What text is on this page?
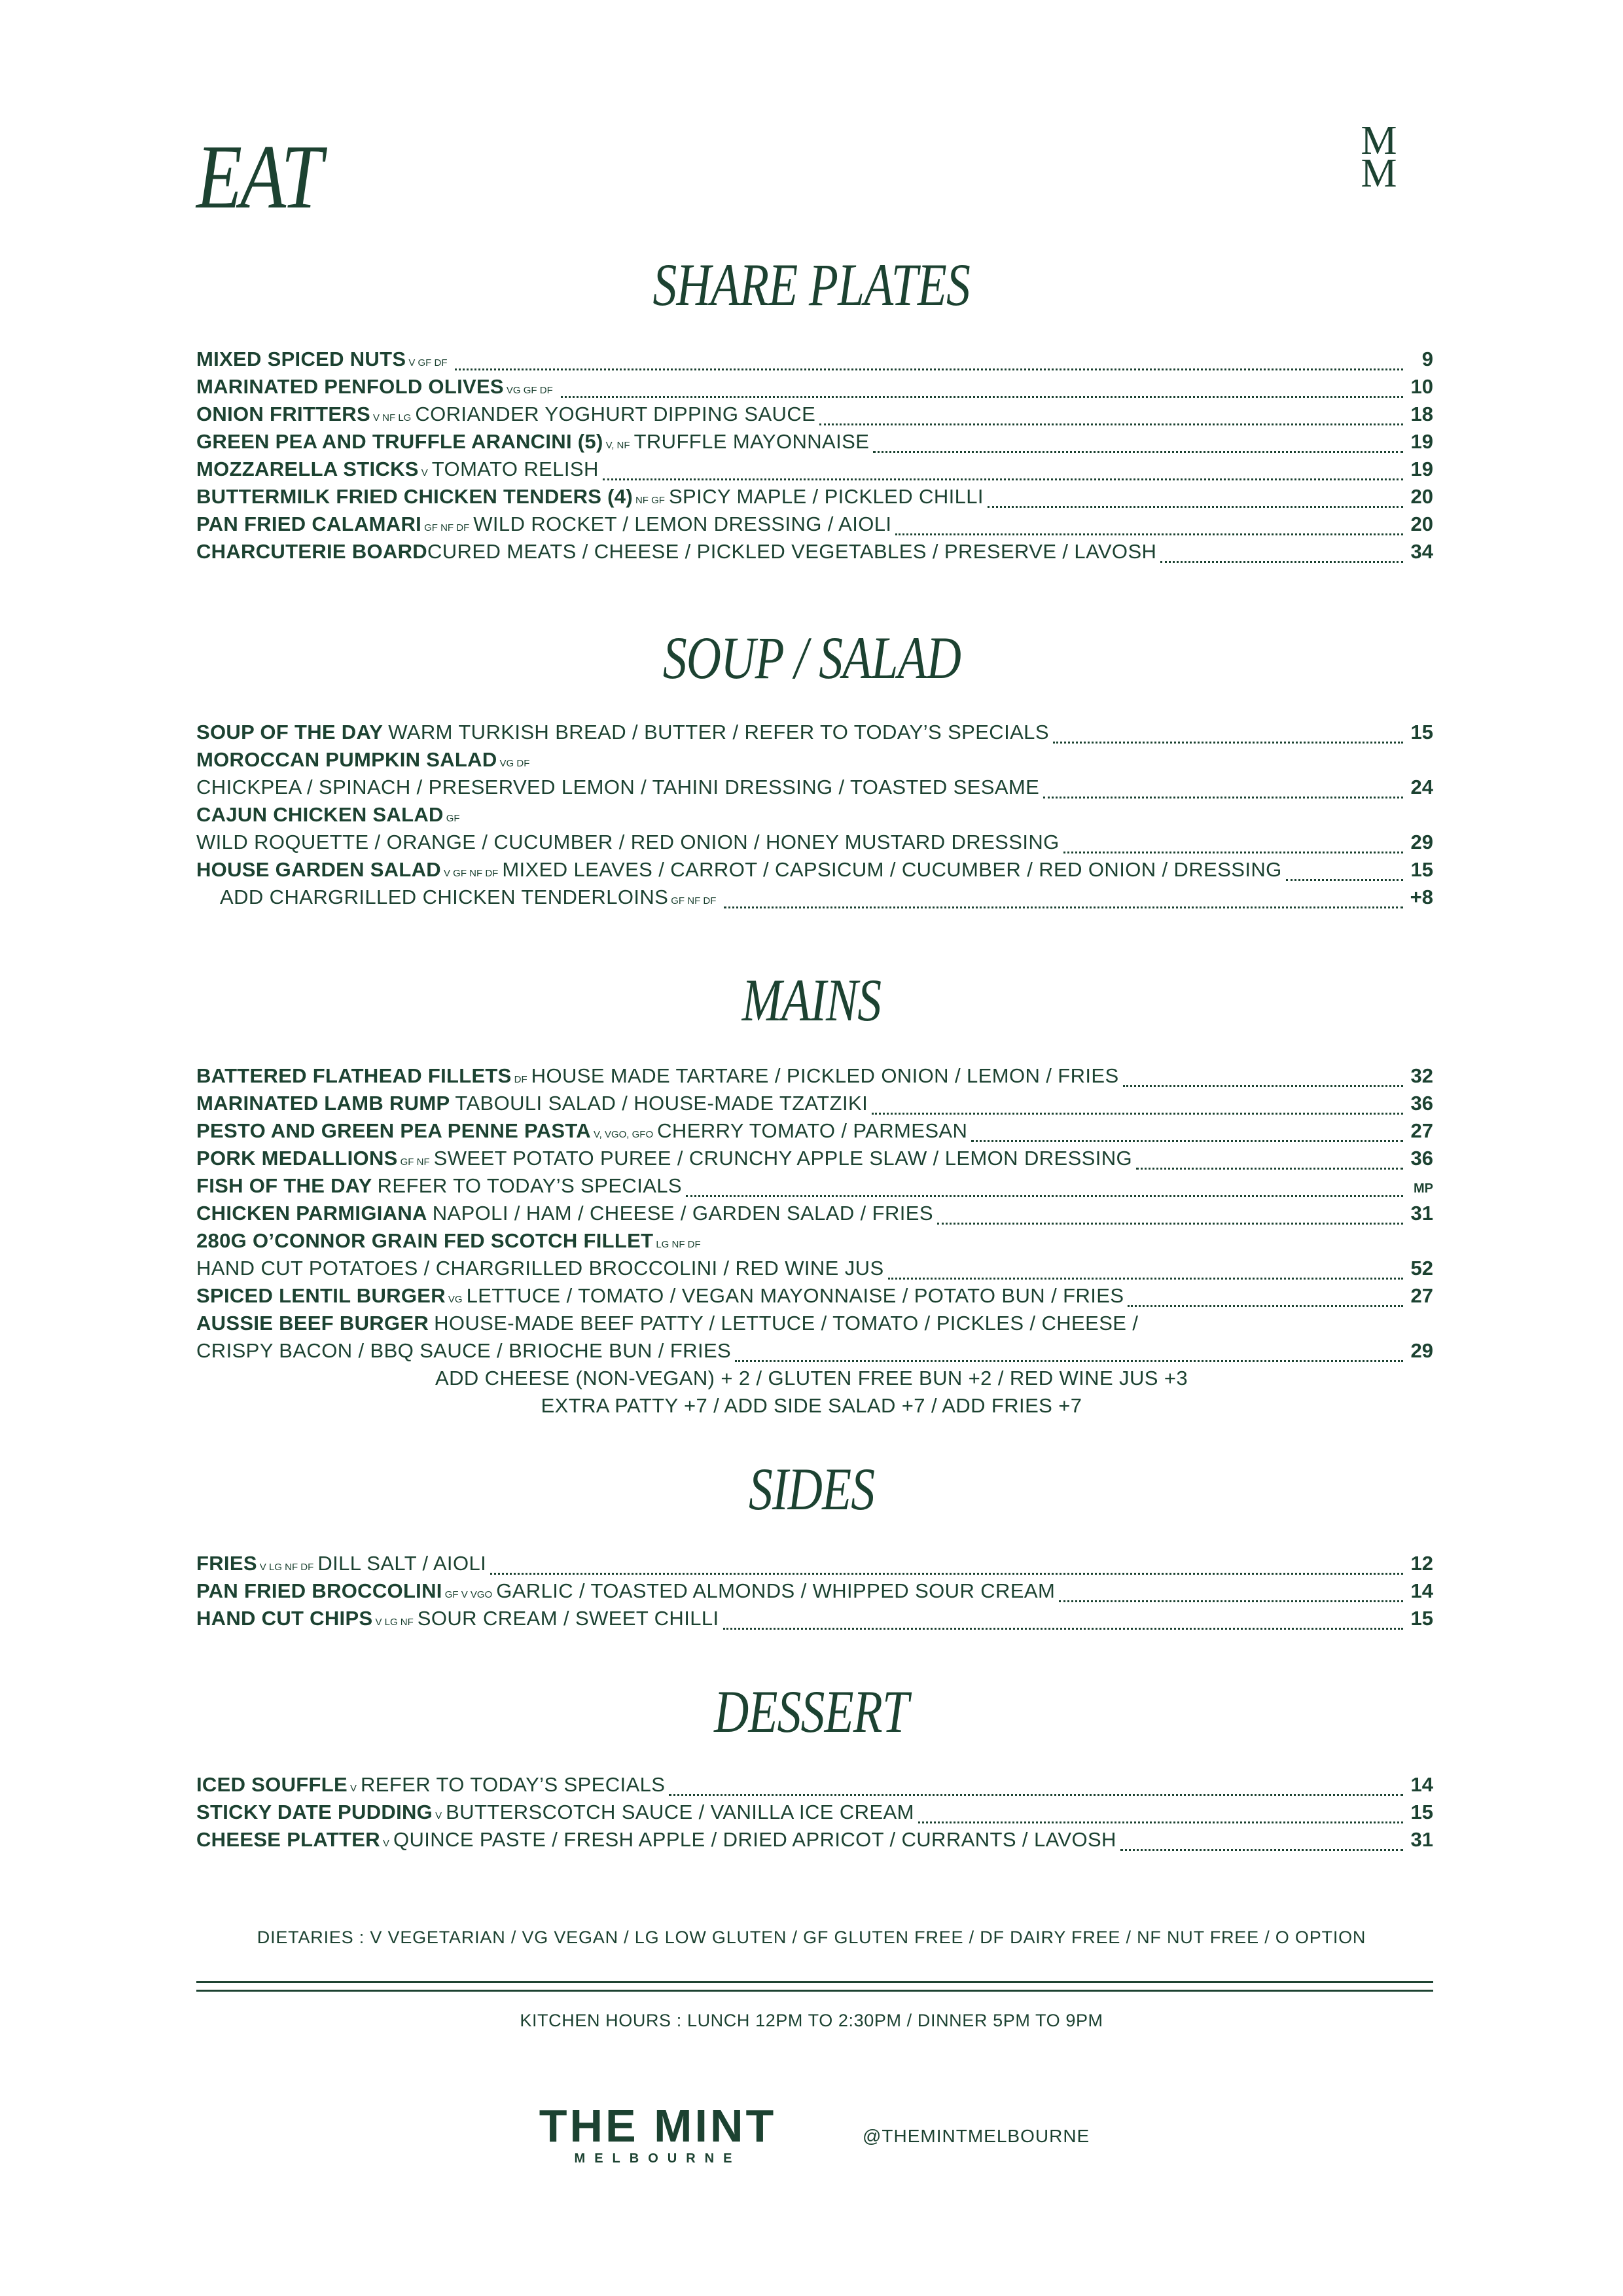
EAT	M
M
SHARE PLATES
MIXED SPICED NUTS V GF DF	9
MARINATED PENFOLD OLIVES VG GF DF	10
ONION FRITTERS V NF LG CORIANDER YOGHURT DIPPING SAUCE	18
GREEN PEA AND TRUFFLE ARANCINI (5) V, NF TRUFFLE MAYONNAISE	19
MOZZARELLA STICKS V TOMATO RELISH	19
BUTTERMILK FRIED CHICKEN TENDERS (4) NF GF SPICY MAPLE / PICKLED CHILLI	20
PAN FRIED CALAMARI GF NF DF WILD ROCKET / LEMON DRESSING / AIOLI	20
CHARCUTERIE BOARD CURED MEATS / CHEESE / PICKLED VEGETABLES / PRESERVE / LAVOSH	34
SOUP / SALAD
SOUP OF THE DAY WARM TURKISH BREAD / BUTTER / REFER TO TODAY’S SPECIALS	15
MOROCCAN PUMPKIN SALAD VG DF
CHICKPEA / SPINACH / PRESERVED LEMON / TAHINI DRESSING / TOASTED SESAME	24
CAJUN CHICKEN SALAD GF
WILD ROQUETTE / ORANGE / CUCUMBER / RED ONION / HONEY MUSTARD DRESSING	29
HOUSE GARDEN SALAD V GF NF DF MIXED LEAVES / CARROT / CAPSICUM / CUCUMBER / RED ONION / DRESSING	15
ADD CHARGRILLED CHICKEN TENDERLOINS GF NF DF	+8
MAINS
BATTERED FLATHEAD FILLETS DF HOUSE MADE TARTARE / PICKLED ONION / LEMON / FRIES	32
MARINATED LAMB RUMP TABOULI SALAD / HOUSE-MADE TZATZIKI	36
PESTO AND GREEN PEA PENNE PASTA V, VGO, GFO CHERRY TOMATO / PARMESAN	27
PORK MEDALLIONS GF NF SWEET POTATO PUREE / CRUNCHY APPLE SLAW / LEMON DRESSING	36
FISH OF THE DAY REFER TO TODAY’S SPECIALS	MP
CHICKEN PARMIGIANA NAPOLI / HAM / CHEESE / GARDEN SALAD / FRIES	31
280G O’CONNOR GRAIN FED SCOTCH FILLET LG NF DF
HAND CUT POTATOES / CHARGRILLED BROCCOLINI / RED WINE JUS	52
SPICED LENTIL BURGER VG LETTUCE / TOMATO / VEGAN MAYONNAISE / POTATO BUN / FRIES	27
AUSSIE BEEF BURGER HOUSE-MADE BEEF PATTY / LETTUCE / TOMATO / PICKLES / CHEESE /
CRISPY BACON / BBQ SAUCE / BRIOCHE BUN / FRIES	29
ADD CHEESE (NON-VEGAN) + 2 / GLUTEN FREE BUN +2 / RED WINE JUS +3
EXTRA PATTY +7 / ADD SIDE SALAD +7 / ADD FRIES +7
SIDES
FRIES V LG NF DF DILL SALT / AIOLI	12
PAN FRIED BROCCOLINI GF V VGO GARLIC / TOASTED ALMONDS / WHIPPED SOUR CREAM	14
HAND CUT CHIPS V LG NF SOUR CREAM / SWEET CHILLI	15
DESSERT
ICED SOUFFLE V REFER TO TODAY’S SPECIALS	14
STICKY DATE PUDDING V BUTTERSCOTCH SAUCE / VANILLA ICE CREAM	15
CHEESE PLATTER V QUINCE PASTE / FRESH APPLE / DRIED APRICOT / CURRANTS / LAVOSH	31
DIETARIES : V VEGETARIAN / VG VEGAN / LG LOW GLUTEN / GF GLUTEN FREE / DF DAIRY FREE / NF NUT FREE / O OPTION
KITCHEN HOURS : LUNCH 12PM TO 2:30PM / DINNER 5PM TO 9PM
THE MINT
MELBOURNE
@THEMINTMELBOURNE
